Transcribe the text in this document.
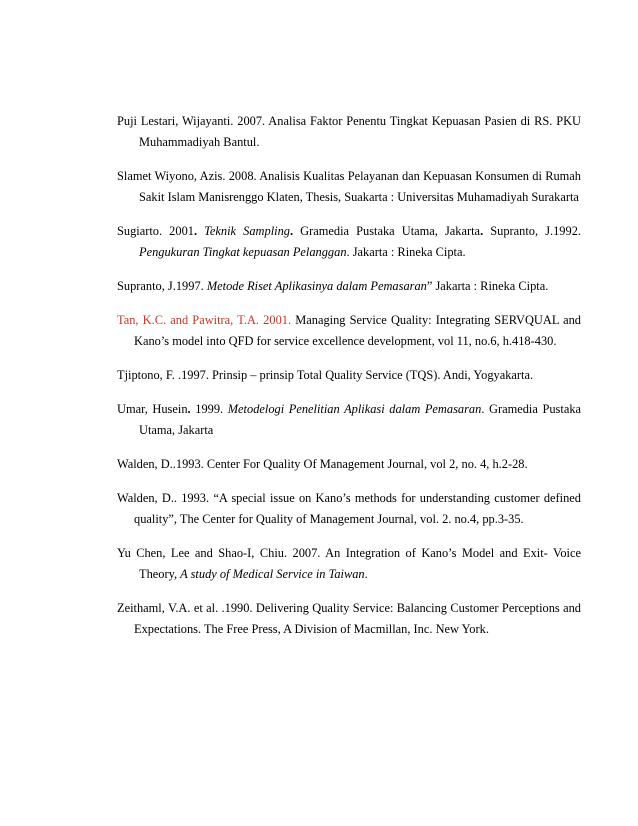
Puji Lestari, Wijayanti. 2007. Analisa Faktor Penentu Tingkat Kepuasan Pasien di RS. PKU Muhammadiyah Bantul.

Slamet Wiyono, Azis. 2008. Analisis Kualitas Pelayanan dan Kepuasan Konsumen di Rumah Sakit Islam Manisrenggo Klaten, Thesis, Suakarta : Universitas Muhamadiyah Surakarta

Sugiarto. 2001. Teknik Sampling. Gramedia Pustaka Utama, Jakarta. Supranto, J.1992. Pengukuran Tingkat kepuasan Pelanggan. Jakarta : Rineka Cipta.

Supranto, J.1997. Metode Riset Aplikasinya dalam Pemasaran” Jakarta : Rineka Cipta.

Tan, K.C. and Pawitra, T.A. 2001. Managing Service Quality: Integrating SERVQUAL and Kano’s model into QFD for service excellence development, vol 11, no.6, h.418-430.

Tjiptono, F. .1997. Prinsip – prinsip Total Quality Service (TQS). Andi, Yogyakarta.

Umar, Husein. 1999. Metodelogi Penelitian Aplikasi dalam Pemasaran. Gramedia Pustaka Utama, Jakarta

Walden, D..1993. Center For Quality Of Management Journal, vol 2, no. 4, h.2-28.

Walden, D.. 1993. “A special issue on Kano’s methods for understanding customer defined quality”, The Center for Quality of Management Journal, vol. 2. no.4, pp.3-35.

Yu Chen, Lee and Shao-I, Chiu. 2007. An Integration of Kano’s Model and Exit- Voice Theory, A study of Medical Service in Taiwan.

Zeithaml, V.A. et al. .1990. Delivering Quality Service: Balancing Customer Perceptions and Expectations. The Free Press, A Division of Macmillan, Inc. New York.
